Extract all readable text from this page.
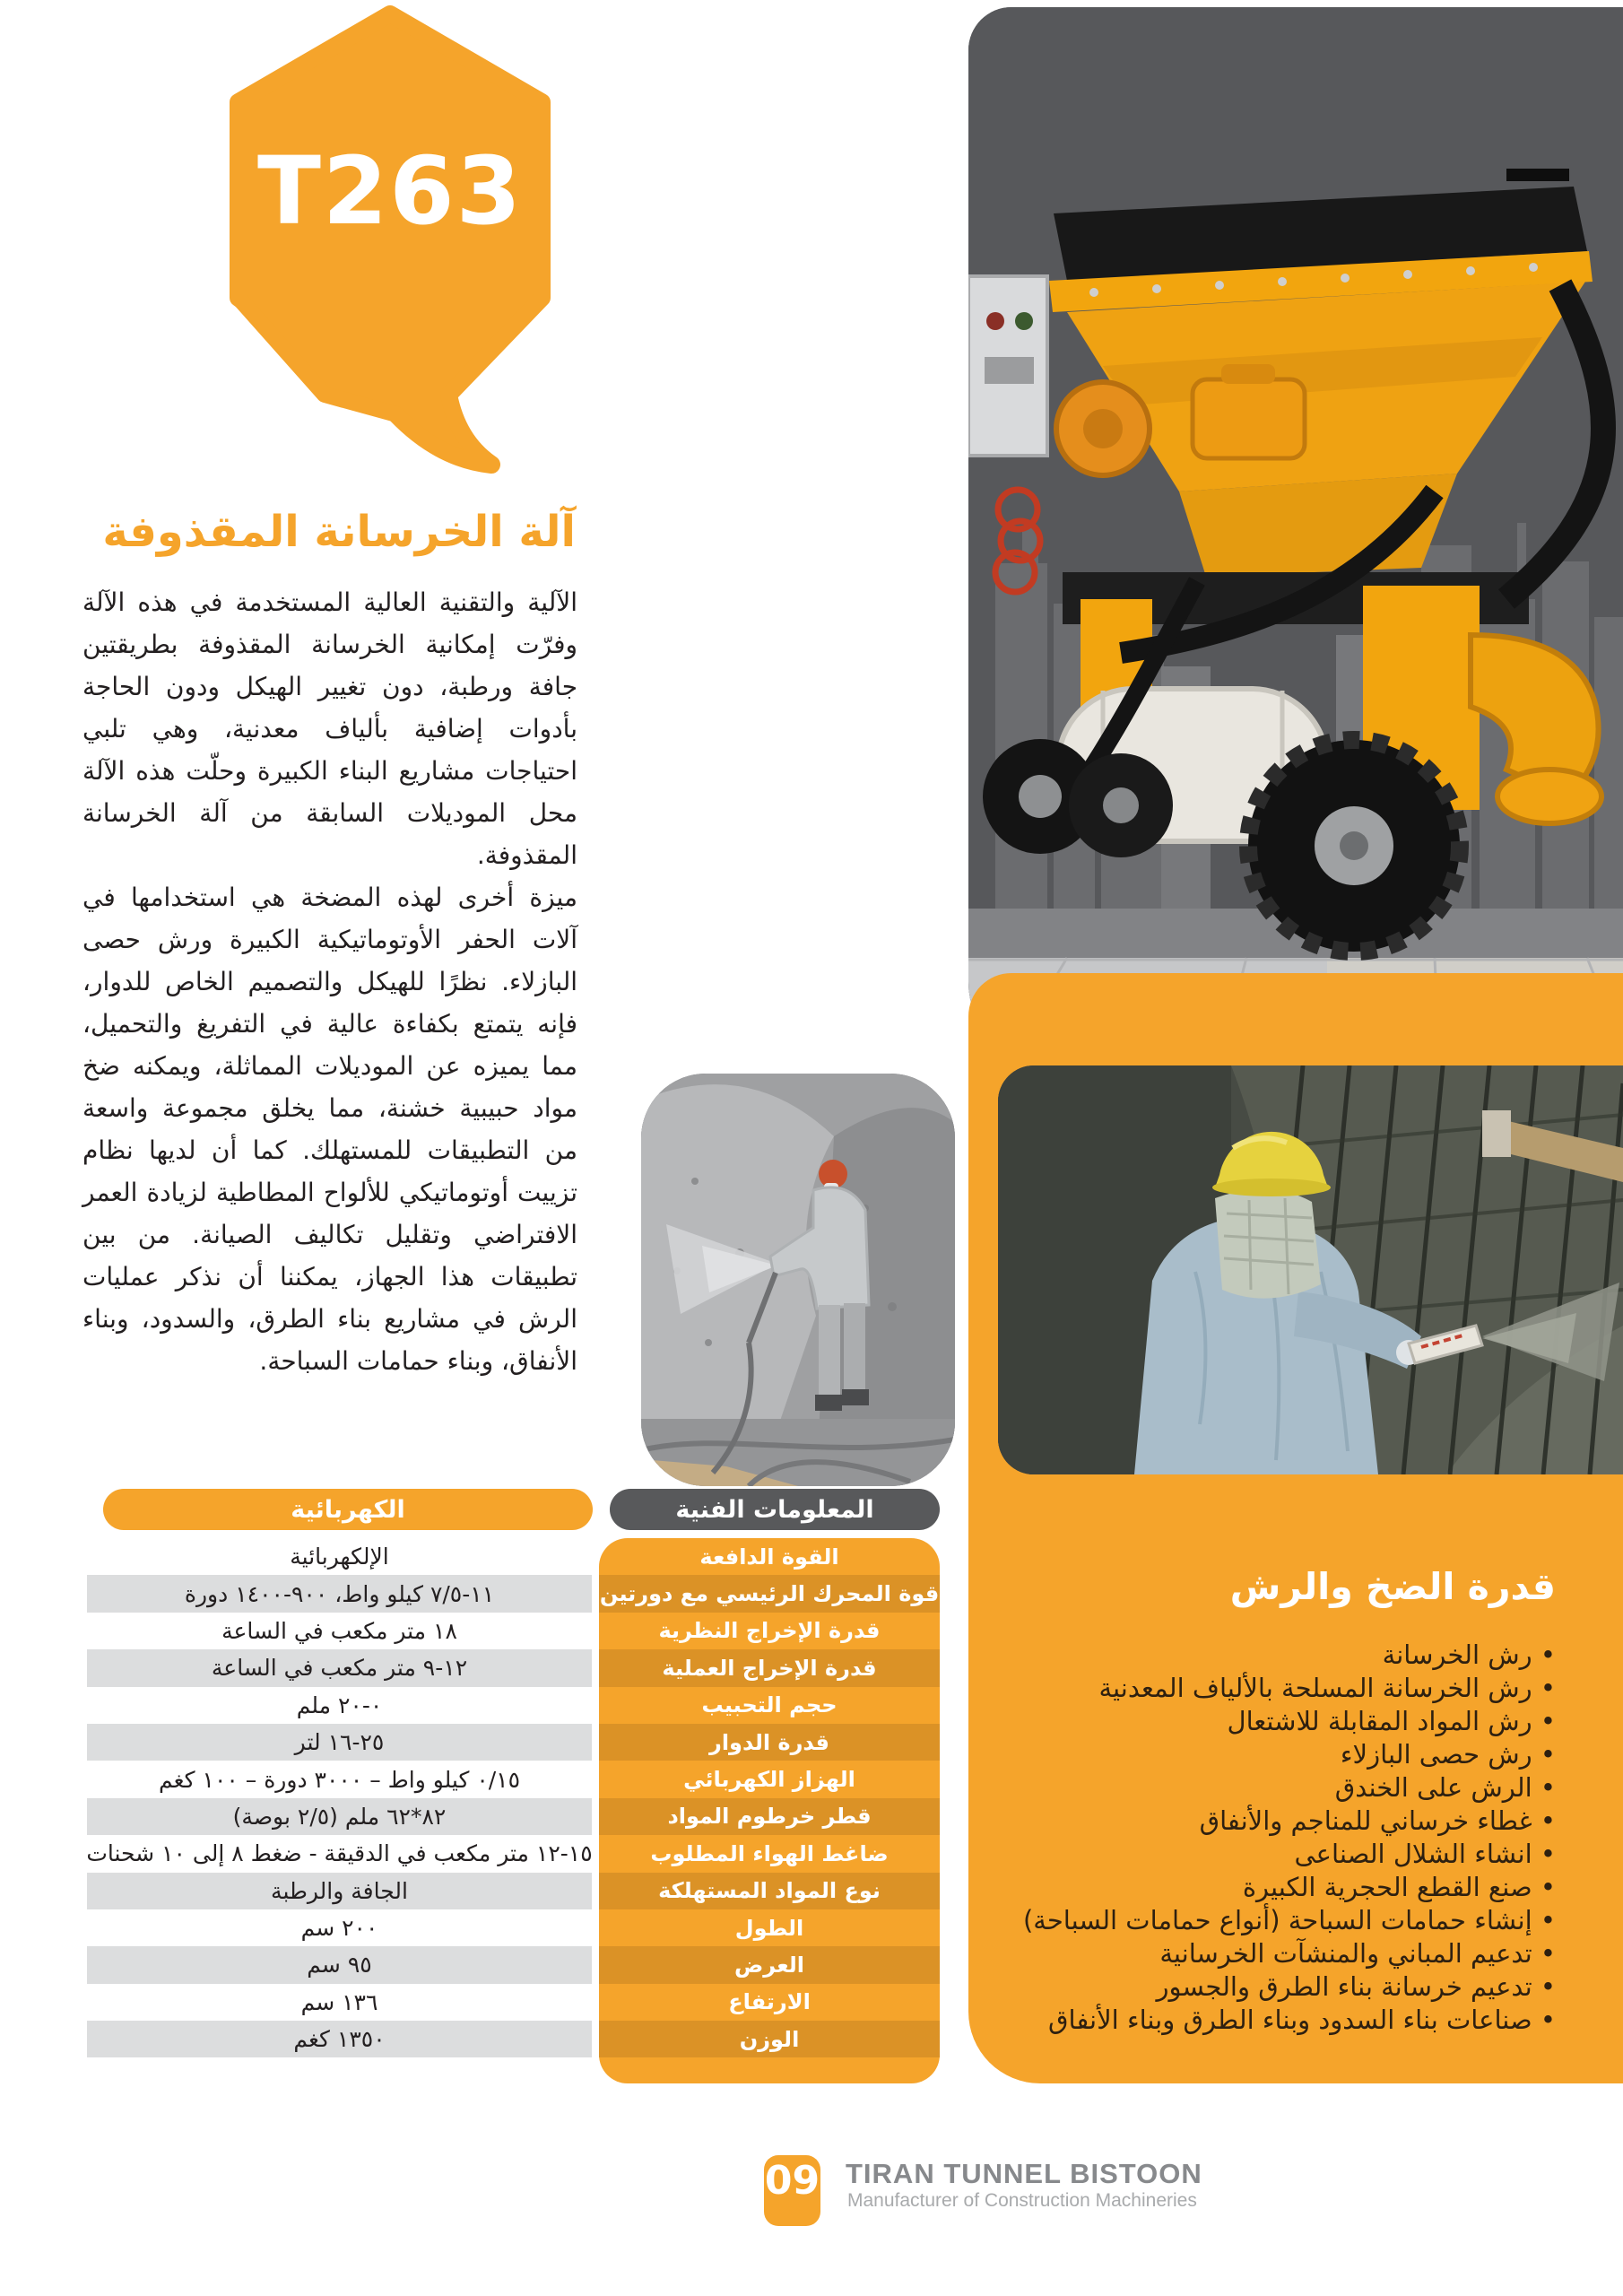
T263
آلة الخرسانة المقذوفة

الآلية والتقنية العالية المستخدمة في هذه الآلة وفرّت إمكانية الخرسانة المقذوفة بطريقتين جافة ورطبة، دون تغيير الهيكل ودون الحاجة بأدوات إضافية بألياف معدنية، وهي تلبي احتياجات مشاريع البناء الكبيرة وحلّت هذه الآلة محل الموديلات السابقة من آلة الخرسانة المقذوفة.

ميزة أخرى لهذه المضخة هي استخدامها في آلات الحفر الأوتوماتيكية الكبيرة ورش حصى البازلاء. نظرًا للهيكل والتصميم الخاص للدوار، فإنه يتمتع بكفاءة عالية في التفريغ والتحميل، مما يميزه عن الموديلات المماثلة، ويمكنه ضخ مواد حبيبية خشنة، مما يخلق مجموعة واسعة من التطبيقات للمستهلك. كما أن لديها نظام تزييت أوتوماتيكي للألواح المطاطية لزيادة العمر الافتراضي وتقليل تكاليف الصيانة. من بين تطبيقات هذا الجهاز، يمكننا أن نذكر عمليات الرش في مشاريع بناء الطرق، والسدود، وبناء الأنفاق، وبناء حمامات السباحة.

قدرة الضخ والرش
• رش الخرسانة
• رش الخرسانة المسلحة بالألياف المعدنية
• رش المواد المقابلة للاشتعال
• رش حصى البازلاء
• الرش على الخندق
• غطاء خرساني للمناجم والأنفاق
• انشاء الشلال الصناعى
• صنع القطع الحجرية الكبيرة
• إنشاء حمامات السباحة (أنواع حمامات السباحة)
• تدعيم المباني والمنشآت الخرسانية
• تدعيم خرسانة بناء الطرق والجسور
• صناعات بناء السدود وبناء الطرق وبناء الأنفاق
الكهربائية	المعلومات الفنية
القوة الدافعة
قوة المحرك الرئيسي مع دورتين
قدرة الإخراج النظرية
قدرة الإخراج العملية
حجم التحبيب
قدرة الدوار
الهزاز الكهربائي
قطر خرطوم المواد
ضاغط الهواء المطلوب
نوع المواد المستهلكة
الطول
العرض
الارتفاع
الوزن
الإلكهربائية
١١-٧/٥ كيلو واط، ٩٠٠-١٤٠٠ دورة
١٨ متر مكعب في الساعة
١٢-٩ متر مكعب في الساعة
٠-٢٠ ملم
٢٥-١٦ لتر
٠/١٥ كيلو واط – ٣٠٠٠ دورة – ١٠٠ كغم
٨٢*٦٢ ملم (٢/٥ بوصة)
١٥-١٢ متر مكعب في الدقيقة - ضغط ٨ إلى ١٠ شحنات
الجافة والرطبة
٢٠٠ سم
٩٥ سم
١٣٦ سم
١٣٥٠ كغم
09 TIRAN TUNNEL BISTOON
Manufacturer of Construction Machineries
